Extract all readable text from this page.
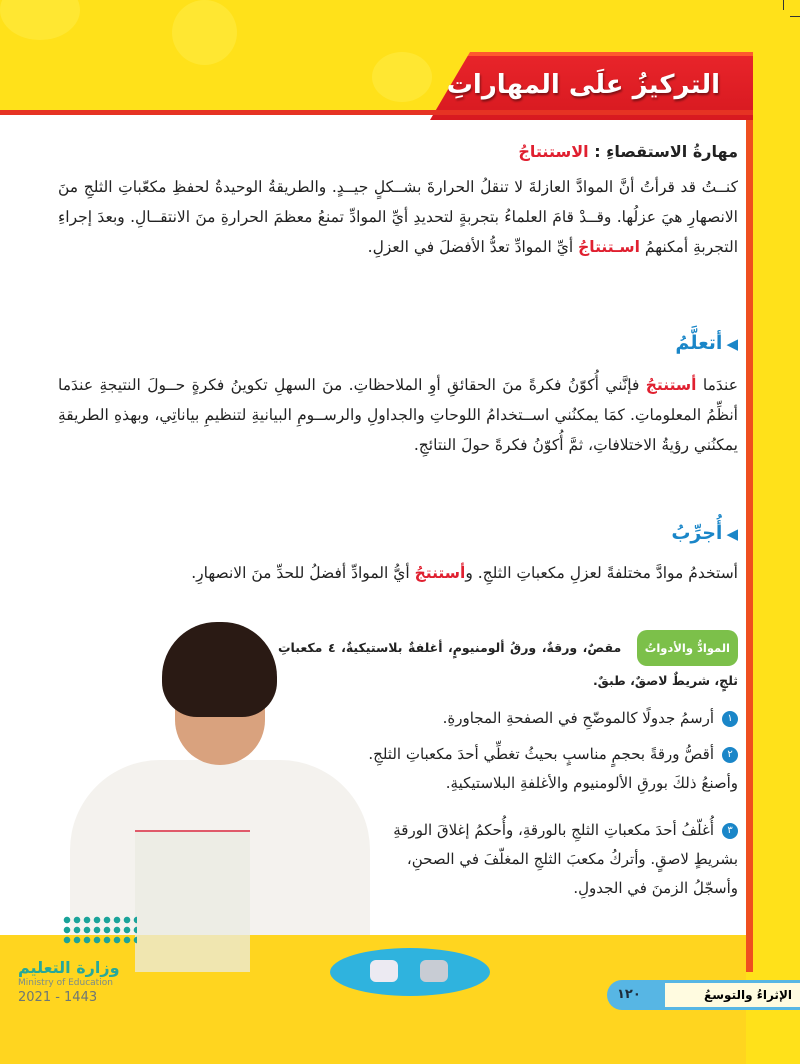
التركيزُ علَى المهاراتِ
مهارةُ الاستقصاءِ : الاستنتاجُ

كنــتُ قد قرأتُ أنَّ الموادَّ العازلةَ لا تنقلُ الحرارةَ بشــكلٍ جيــدٍ. والطريقةُ الوحيدةُ لحفظِ مكعّباتِ الثلجِ منَ الانصهارِ هيَ عزلُها. وقــدْ قامَ العلماءُ بتجربةٍ لتحديدِ أيِّ الموادِّ تمنعُ معظمَ الحرارةِ منَ الانتقــالِ. وبعدَ إجراءِ التجربةِ أمكنهمُ اسـتنتاجُ أيِّ الموادِّ تعدُّ الأفضلَ في العزلِ.

◀أتعلَّمُ

عندَما أستنتجُ فإنَّني أُكوّنُ فكرةً منَ الحقائقِ أوِ الملاحظاتِ. منَ السهلِ تكوينُ فكرةٍ حــولَ النتيجةِ عندَما أنظِّمُ المعلوماتِ. كمَا يمكنُني اســتخدامُ اللوحاتِ والجداولِ والرســومِ البيانيةِ لتنظيمِ بياناتِي، وبهذهِ الطريقةِ يمكنُني رؤيةُ الاختلافاتِ، ثمَّ أُكوّنُ فكرةً حولَ النتائجِ.

◀أُجرِّبُ

أستخدمُ موادَّ مختلفةً لعزلِ مكعباتِ الثلجِ. وأستنتجُ أيُّ الموادِّ أفضلُ للحدِّ منَ الانصهارِ.

الموادُّ والأدواتُ مقصٌ، ورقةٌ، ورقُ ألومنيومٍ، أغلفةٌ بلاستيكيةٌ، ٤ مكعباتِ ثلجٍ، شريطٌ لاصقٌ، طبقٌ.
١أرسمُ جدولًا كالموضّحِ في الصفحةِ المجاورةِ.
٢أقصُّ ورقةً بحجمٍ مناسبٍ بحيثُ تغطِّي أحدَ مكعباتِ الثلجِ. وأصنعُ ذلكَ بورقِ الألومنيوم والأغلفةِ البلاستيكيةِ.
٣أُغلّفُ أحدَ مكعباتِ الثلجِ بالورقةِ، وأُحكمُ إغلاقَ الورقةِ بشريطٍ لاصقٍ. وأتركُ مكعبَ الثلجِ المغلّفَ في الصحنِ، وأسجّلُ الزمنَ في الجدولِ.
وزارة التعليم
Ministry of Education
2021 - 1443	الإثراءُ والتوسعُ
١٢٠
